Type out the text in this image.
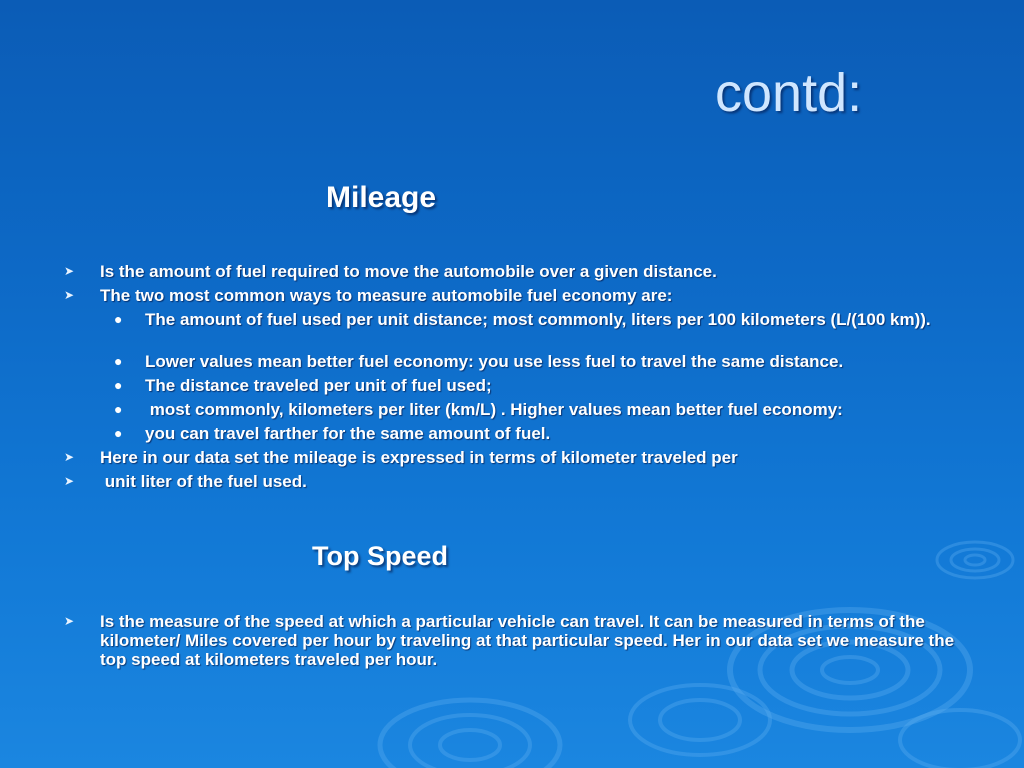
contd:
Mileage
➤ Is the amount of fuel required to move the automobile over a given distance.
➤ The two most common ways to measure automobile fuel economy are:
● The amount of fuel used per unit distance; most commonly, liters per 100 kilometers (L/(100 km)).
● Lower values mean better fuel economy: you use less fuel to travel the same distance.
● The distance traveled per unit of fuel used;
● most commonly, kilometers per liter (km/L) . Higher values mean better fuel economy:
● you can travel farther for the same amount of fuel.
➤ Here in our data set the mileage is expressed in terms of kilometer traveled per
➤ unit liter of the fuel used.
Top Speed
➤ Is the measure of the speed at which a particular vehicle can travel. It can be measured in terms of the kilometer/ Miles covered per hour by traveling at that particular speed. Her in our data set we measure the top speed at kilometers traveled per hour.
